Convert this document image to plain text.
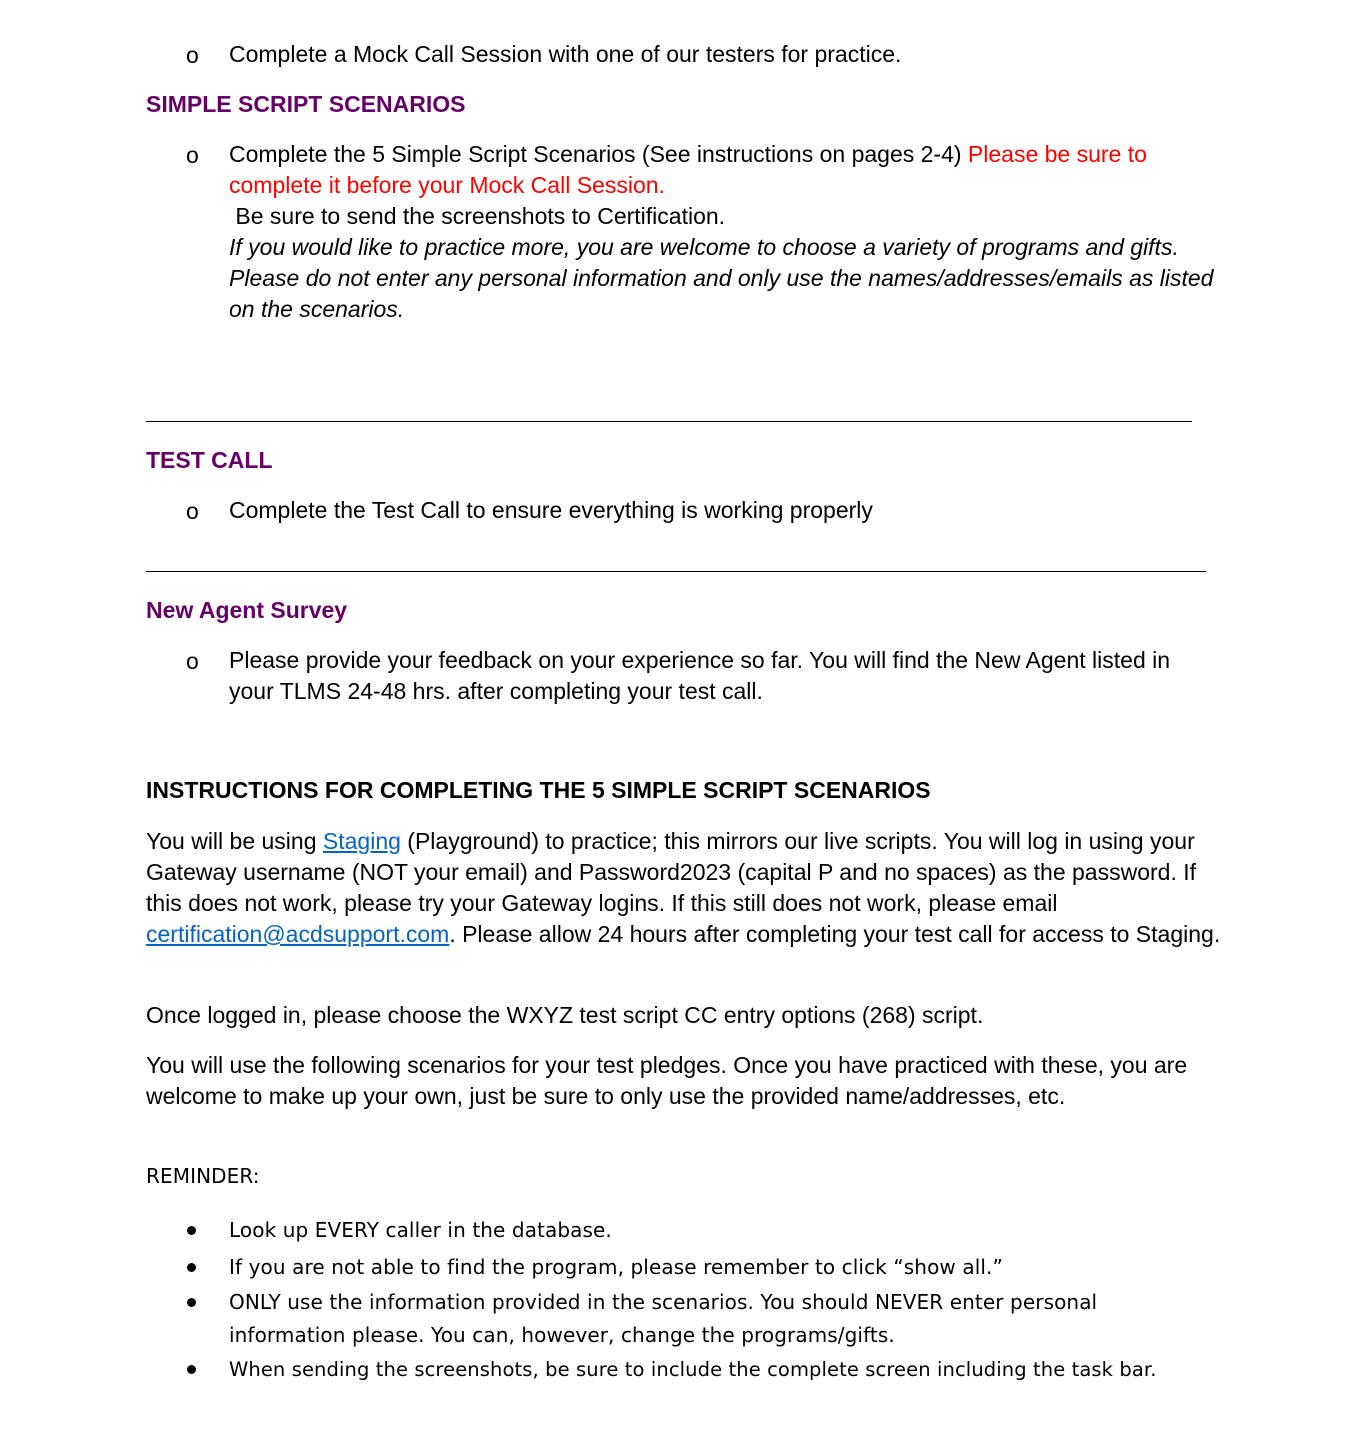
o Complete a Mock Call Session with one of our testers for practice.
SIMPLE SCRIPT SCENARIOS
o Complete the 5 Simple Script Scenarios (See instructions on pages 2-4) Please be sure to complete it before your Mock Call Session.
Be sure to send the screenshots to Certification.
If you would like to practice more, you are welcome to choose a variety of programs and gifts. Please do not enter any personal information and only use the names/addresses/emails as listed on the scenarios.
TEST CALL
o Complete the Test Call to ensure everything is working properly
New Agent Survey
o Please provide your feedback on your experience so far. You will find the New Agent listed in your TLMS 24-48 hrs. after completing your test call.
INSTRUCTIONS FOR COMPLETING THE 5 SIMPLE SCRIPT SCENARIOS
You will be using Staging (Playground) to practice; this mirrors our live scripts. You will log in using your Gateway username (NOT your email) and Password2023 (capital P and no spaces) as the password. If this does not work, please try your Gateway logins. If this still does not work, please email certification@acdsupport.com. Please allow 24 hours after completing your test call for access to Staging.
Once logged in, please choose the WXYZ test script CC entry options (268) script.
You will use the following scenarios for your test pledges. Once you have practiced with these, you are welcome to make up your own, just be sure to only use the provided name/addresses, etc.
REMINDER:
Look up EVERY caller in the database.
If you are not able to find the program, please remember to click “show all.”
ONLY use the information provided in the scenarios. You should NEVER enter personal information please. You can, however, change the programs/gifts.
When sending the screenshots, be sure to include the complete screen including the task bar.
